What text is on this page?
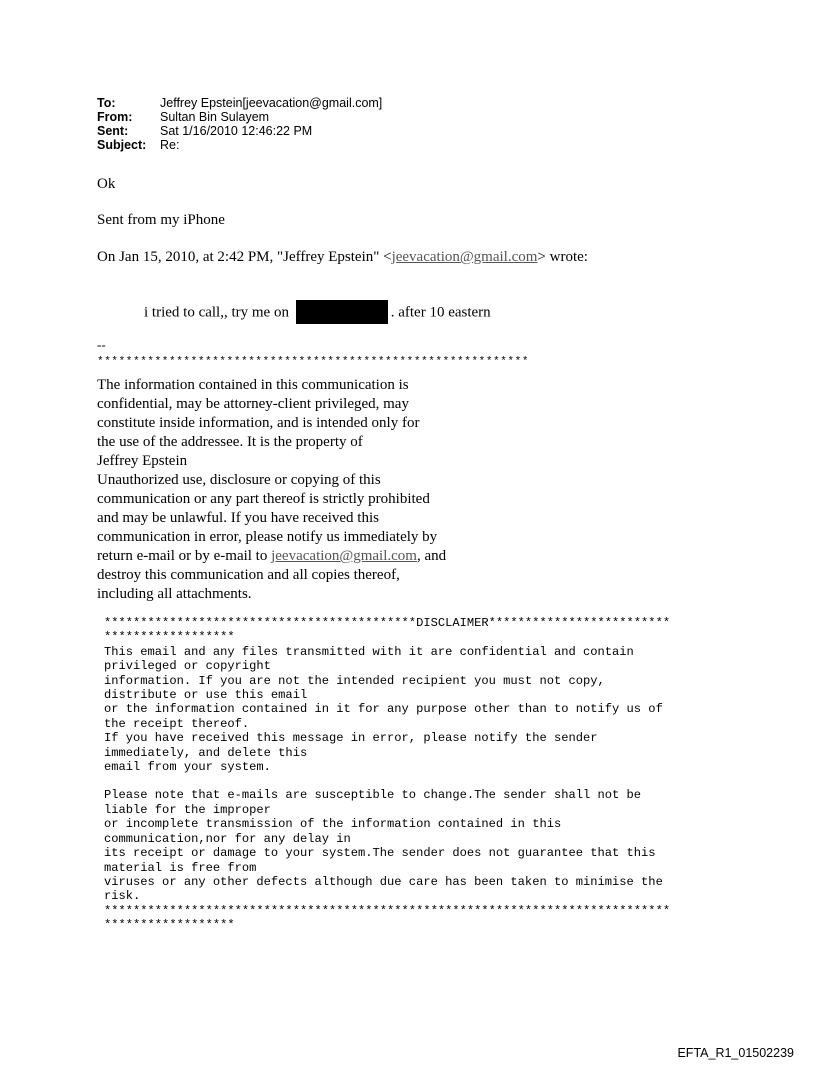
To:	Jeffrey Epstein[jeevacation@gmail.com]
From:	Sultan Bin Sulayem
Sent:	Sat 1/16/2010 12:46:22 PM
Subject:	Re:
Ok
Sent from my iPhone
On Jan 15, 2010, at 2:42 PM, "Jeffrey Epstein" <jeevacation@gmail.com> wrote:
i tried to call,, try me on	. after 10 eastern
--
************************************************************
The information contained in this communication is
confidential, may be attorney-client privileged, may
constitute inside information, and is intended only for
the use of the addressee. It is the property of
Jeffrey Epstein
Unauthorized use, disclosure or copying of this
communication or any part thereof is strictly prohibited
and may be unlawful. If you have received this
communication in error, please notify us immediately by
return e-mail or by e-mail to jeevacation@gmail.com, and
destroy this communication and all copies thereof,
including all attachments.
*******************************************DISCLAIMER*************************
******************
This email and any files transmitted with it are confidential and contain
privileged or copyright
information. If you are not the intended recipient you must not copy,
distribute or use this email
or the information contained in it for any purpose other than to notify us of
the receipt thereof.
If you have received this message in error, please notify the sender
immediately, and delete this
email from your system.
Please note that e-mails are susceptible to change.The sender shall not be
liable for the improper
or incomplete transmission of the information contained in this
communication,nor for any delay in
its receipt or damage to your system.The sender does not guarantee that this
material is free from
viruses or any other defects although due care has been taken to minimise the
risk.
******************************************************************************
******************
EFTA_R1_01502239
